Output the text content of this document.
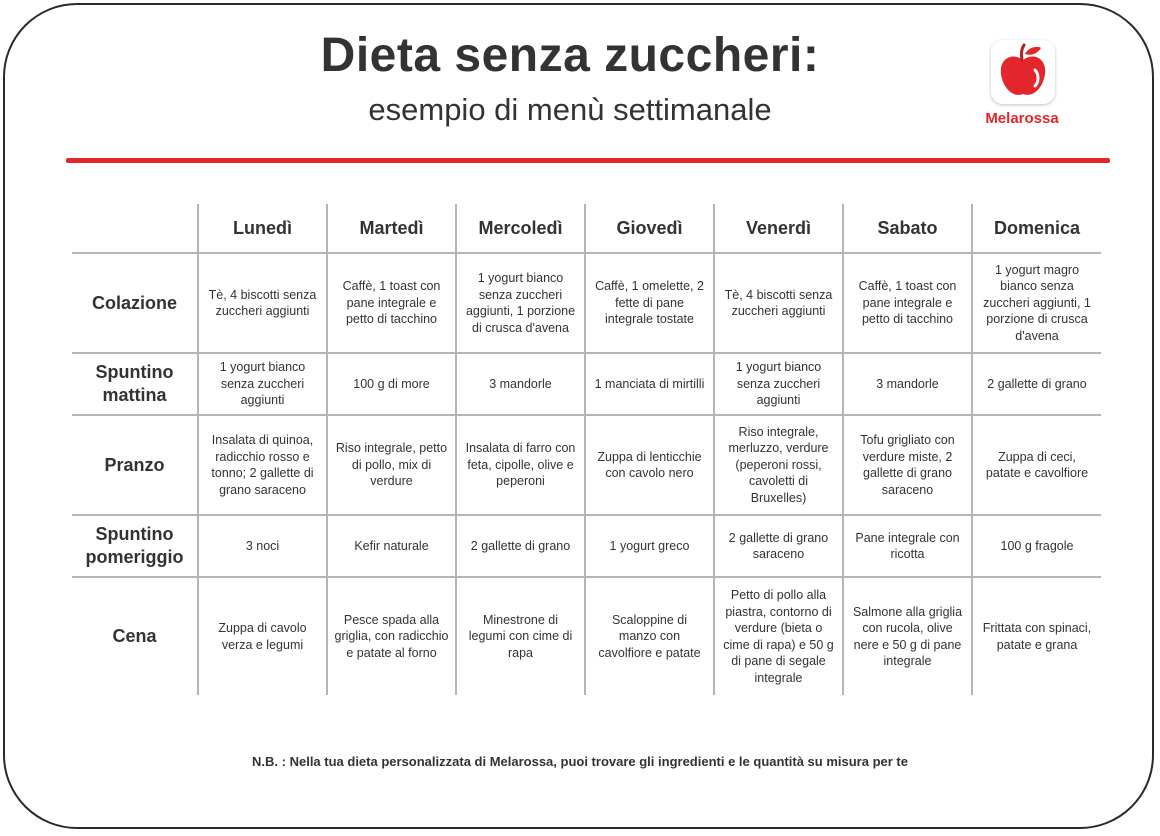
Dieta senza zuccheri:
esempio di menù settimanale	Melarossa
	Lunedì	Martedì	Mercoledì	Giovedì	Venerdì	Sabato	Domenica
Colazione	Tè, 4 biscotti senza zuccheri aggiunti	Caffè, 1 toast con pane integrale e petto di tacchino	1 yogurt bianco senza zuccheri aggiunti, 1 porzione di crusca d'avena	Caffè, 1 omelette, 2 fette di pane integrale tostate	Tè, 4 biscotti senza zuccheri aggiunti	Caffè, 1 toast con pane integrale e petto di tacchino	1 yogurt magro bianco senza zuccheri aggiunti, 1 porzione di crusca d'avena
Spuntino mattina	1 yogurt bianco senza zuccheri aggiunti	100 g di more	3 mandorle	1 manciata di mirtilli	1 yogurt bianco senza zuccheri aggiunti	3 mandorle	2 gallette di grano
Pranzo	Insalata di quinoa, radicchio rosso e tonno; 2 gallette di grano saraceno	Riso integrale, petto di pollo, mix di verdure	Insalata di farro con feta, cipolle, olive e peperoni	Zuppa di lenticchie con cavolo nero	Riso integrale, merluzzo, verdure (peperoni rossi, cavoletti di Bruxelles)	Tofu grigliato con verdure miste, 2 gallette di grano saraceno	Zuppa di ceci, patate e cavolfiore
Spuntino pomeriggio	3 noci	Kefir naturale	2 gallette di grano	1 yogurt greco	2 gallette di grano saraceno	Pane integrale con ricotta	100 g fragole
Cena	Zuppa di cavolo verza e legumi	Pesce spada alla griglia, con radicchio e patate al forno	Minestrone di legumi con cime di rapa	Scaloppine di manzo con cavolfiore e patate	Petto di pollo alla piastra, contorno di verdure (bieta o cime di rapa) e 50 g di pane di segale integrale	Salmone alla griglia con rucola, olive nere e 50 g di pane integrale	Frittata con spinaci, patate e grana
N.B. : Nella tua dieta personalizzata di Melarossa, puoi trovare gli ingredienti e le quantità su misura per te
